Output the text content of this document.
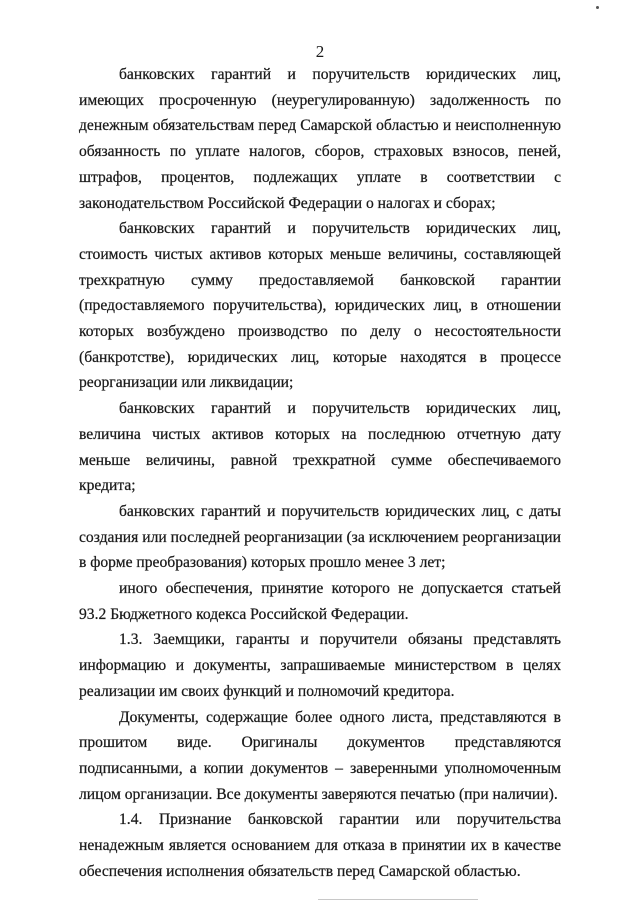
2

банковских гарантий и поручительств юридических лиц, имеющих просроченную (неурегулированную) задолженность по денежным обязательствам перед Самарской областью и неисполненную обязанность по уплате налогов, сборов, страховых взносов, пеней, штрафов, процентов, подлежащих уплате в соответствии с законодательством Российской Федерации о налогах и сборах;

банковских гарантий и поручительств юридических лиц, стоимость чистых активов которых меньше величины, составляющей трехкратную сумму предоставляемой банковской гарантии (предоставляемого поручительства), юридических лиц, в отношении которых возбуждено производство по делу о несостоятельности (банкротстве), юридических лиц, которые находятся в процессе реорганизации или ликвидации;

банковских гарантий и поручительств юридических лиц, величина чистых активов которых на последнюю отчетную дату меньше величины, равной трехкратной сумме обеспечиваемого кредита;

банковских гарантий и поручительств юридических лиц, с даты создания или последней реорганизации (за исключением реорганизации в форме преобразования) которых прошло менее 3 лет;

иного обеспечения, принятие которого не допускается статьей 93.2 Бюджетного кодекса Российской Федерации.

1.3. Заемщики, гаранты и поручители обязаны представлять информацию и документы, запрашиваемые министерством в целях реализации им своих функций и полномочий кредитора.

Документы, содержащие более одного листа, представляются в прошитом виде. Оригиналы документов представляются подписанными, а копии документов – заверенными уполномоченным лицом организации. Все документы заверяются печатью (при наличии).

1.4. Признание банковской гарантии или поручительства ненадежным является основанием для отказа в принятии их в качестве обеспечения исполнения обязательств перед Самарской областью.
